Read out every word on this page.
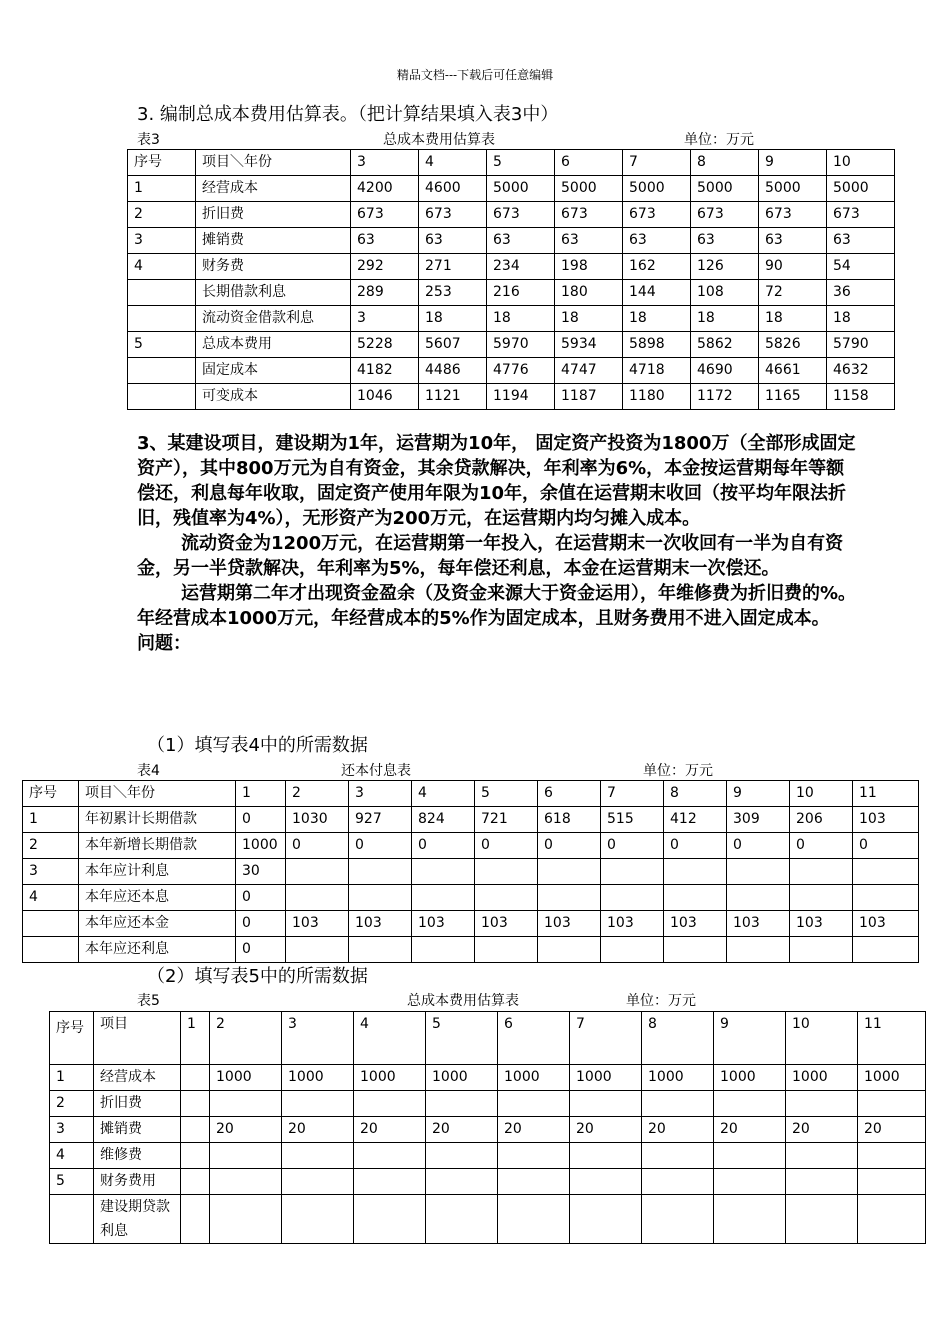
精品文档---下载后可任意编辑
3. 编制总成本费用估算表。（把计算结果填入表3中）
表3	总成本费用估算表	单位：万元
序号	项目＼年份	3	4	5	6	7	8	9	10
1	经营成本	4200	4600	5000	5000	5000	5000	5000	5000
2	折旧费	673	673	673	673	673	673	673	673
3	摊销费	63	63	63	63	63	63	63	63
4	财务费	292	271	234	198	162	126	90	54
	长期借款利息	289	253	216	180	144	108	72	36
	流动资金借款利息	3	18	18	18	18	18	18	18
5	总成本费用	5228	5607	5970	5934	5898	5862	5826	5790
	固定成本	4182	4486	4776	4747	4718	4690	4661	4632
	可变成本	1046	1121	1194	1187	1180	1172	1165	1158

3、某建设项目，建设期为1年，运营期为10年， 固定资产投资为1800万（全部形成固定资产），其中800万元为自有资金，其余贷款解决，年利率为6%，本金按运营期每年等额偿还，利息每年收取，固定资产使用年限为10年，余值在运营期末收回（按平均年限法折旧，残值率为4%），无形资产为200万元，在运营期内均匀摊入成本。

流动资金为1200万元，在运营期第一年投入，在运营期末一次收回有一半为自有资金，另一半贷款解决，年利率为5%，每年偿还利息，本金在运营期末一次偿还。

运营期第二年才出现资金盈余（及资金来源大于资金运用），年维修费为折旧费的%。年经营成本1000万元，年经营成本的5%作为固定成本，且财务费用不进入固定成本。

问题：

（1）填写表4中的所需数据
表4	还本付息表	单位：万元
序号	项目＼年份	1	2	3	4	5	6	7	8	9	10	11
1	年初累计长期借款	0	1030	927	824	721	618	515	412	309	206	103
2	本年新增长期借款	1000	0	0	0	0	0	0	0	0	0	0
3	本年应计利息	30										
4	本年应还本息	0										
	本年应还本金	0	103	103	103	103	103	103	103	103	103	103
	本年应还利息	0										
（2）填写表5中的所需数据
表5	总成本费用估算表	单位：万元
序号	项目	1	2	3	4	5	6	7	8	9	10	11
1	经营成本		1000	1000	1000	1000	1000	1000	1000	1000	1000	1000
2	折旧费											
3	摊销费		20	20	20	20	20	20	20	20	20	20
4	维修费											
5	财务费用											
	建设期贷款利息											
